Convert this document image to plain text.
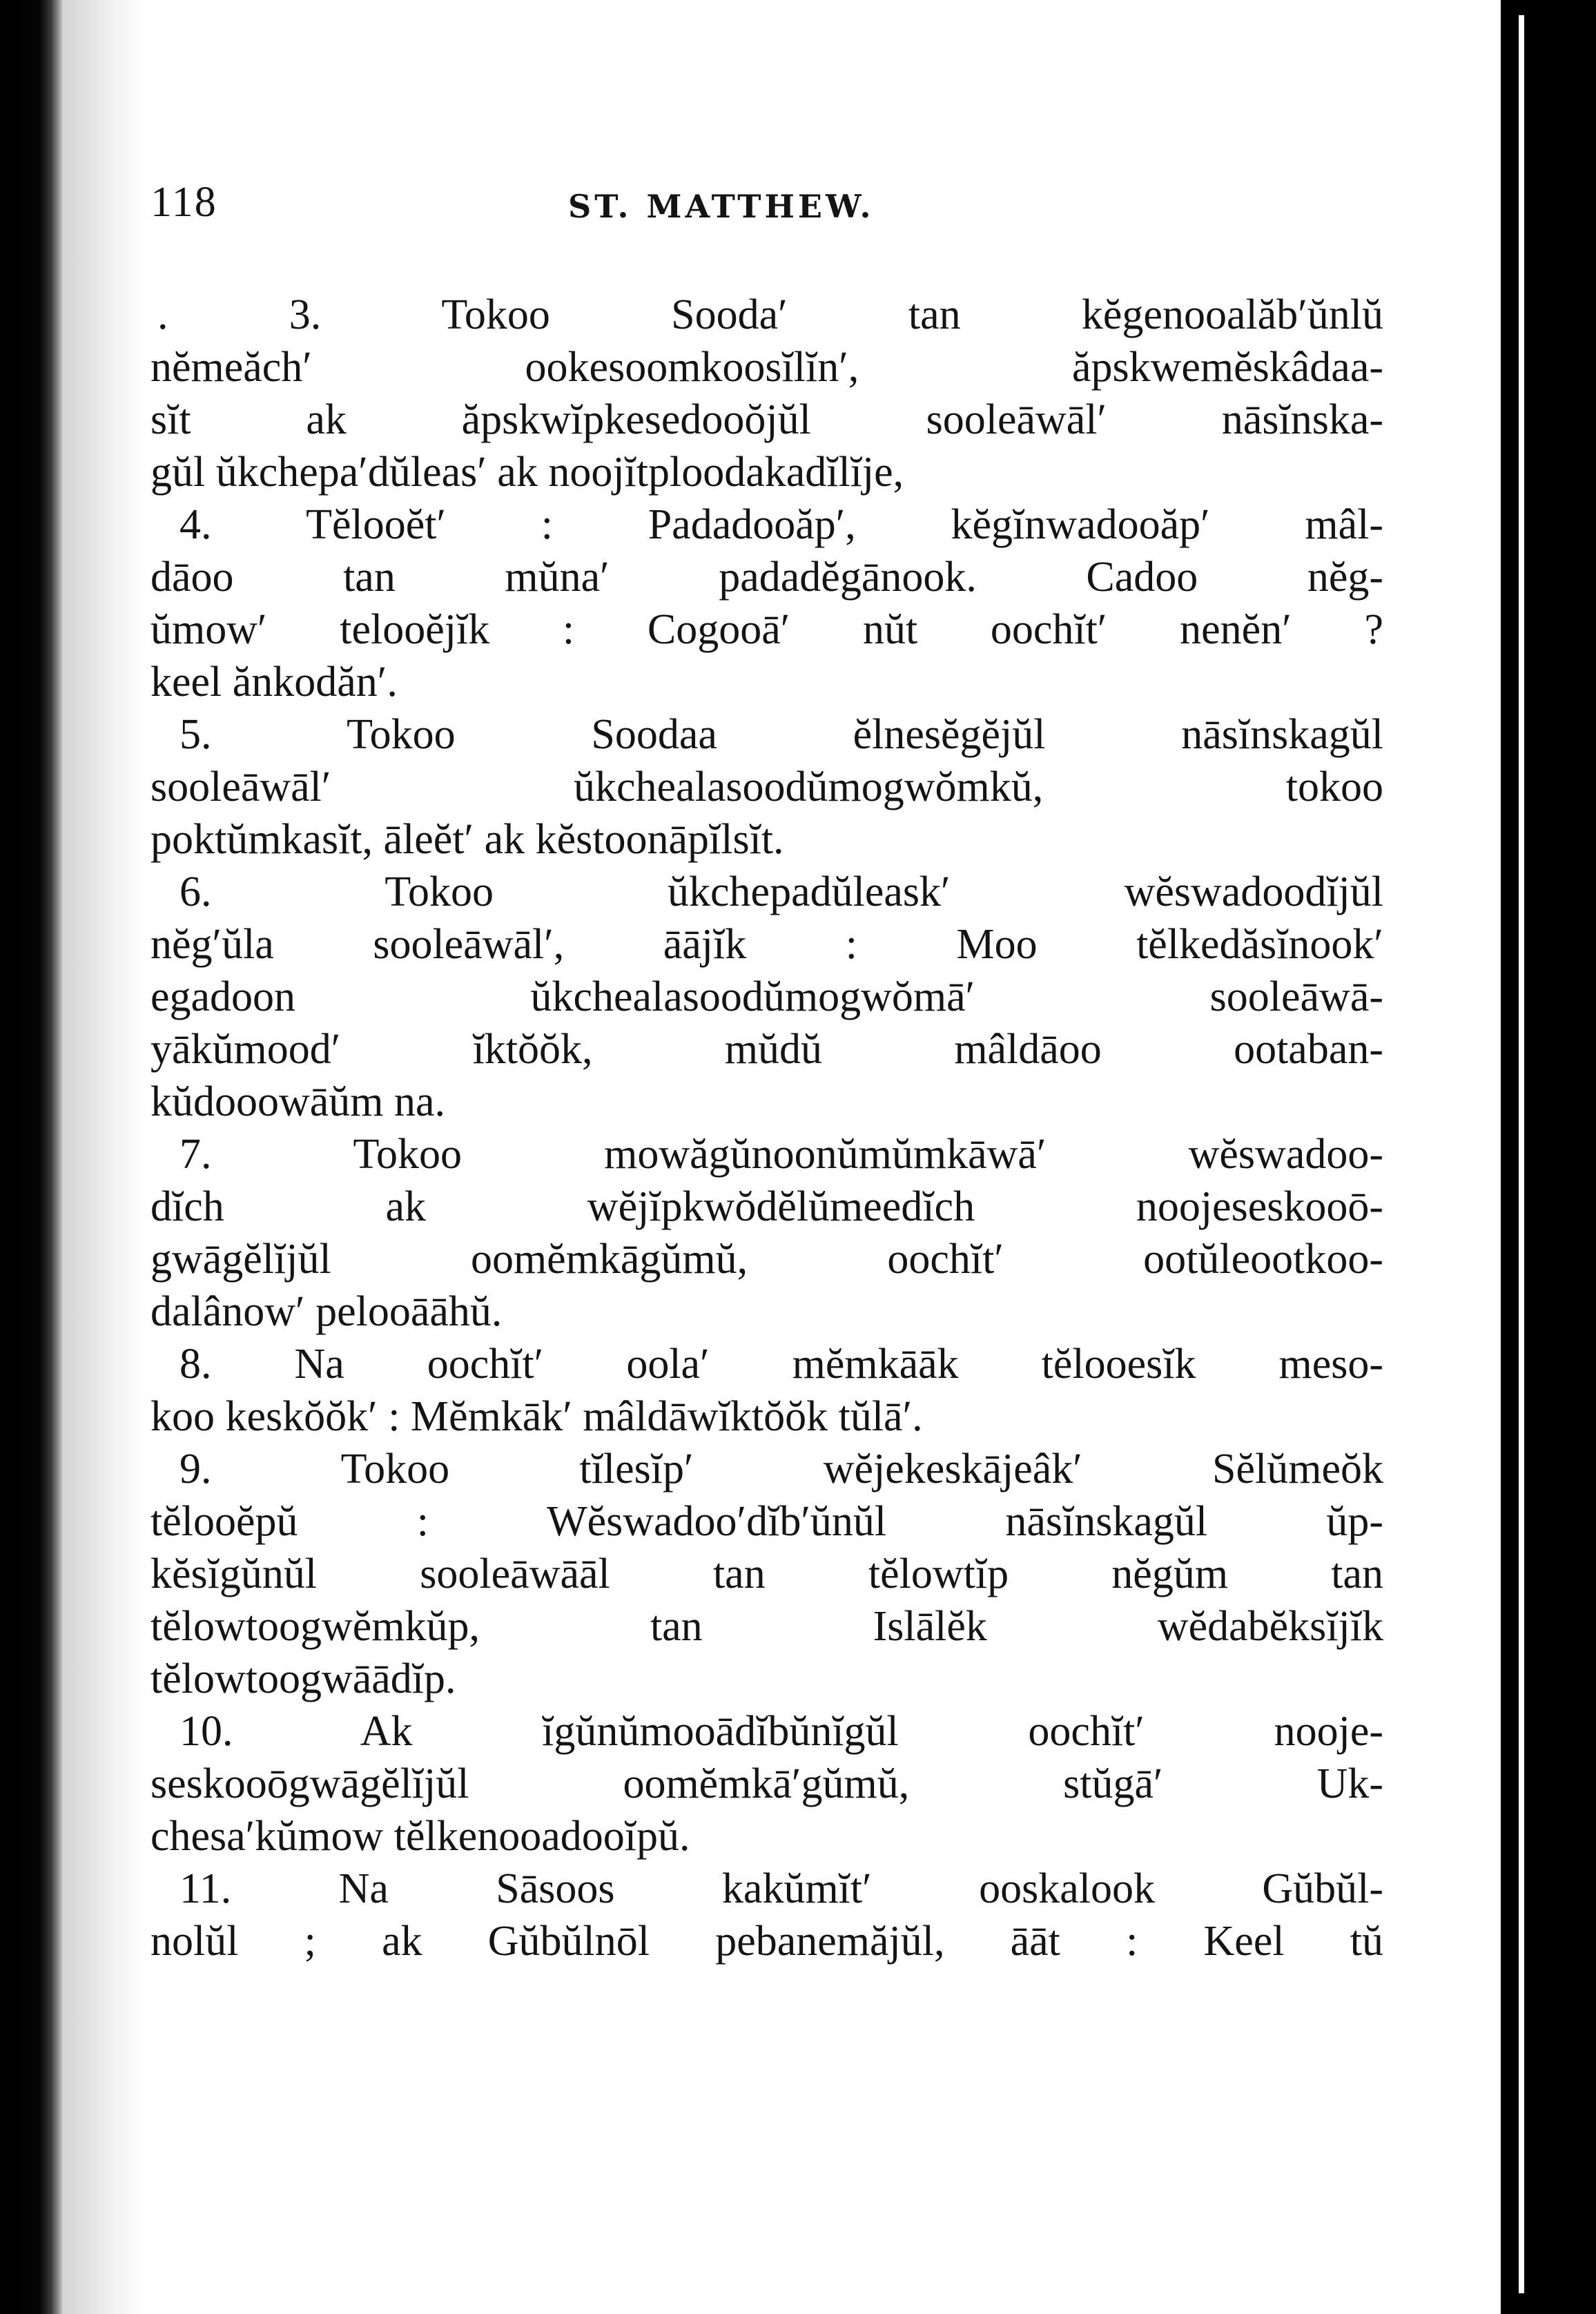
118	ST. MATTHEW.

. 3. Tokoo Sooda′ tan kĕgenooalăb′ŭnlŭ
nĕmeăch′ ookesoomkoosĭlĭn′, ăpskwemĕskâdaa-
sĭt ak ăpskwĭpkesedooŏjŭl sooleāwāl′ nāsĭnska-
gŭl ŭkchepa′dŭleas′ ak noojĭtploodakadĭlĭje,

4. Tĕlooĕt′ : Padadooăp′, kĕgĭnwadooăp′ mâl-
dāoo tan mŭna′ padadĕgānook. Cadoo nĕg-
ŭmow′ telooĕjĭk : Cogooā′ nŭt oochĭt′ nenĕn′ ?
keel ănkodăn′.

5. Tokoo Soodaa ĕlnesĕgĕjŭl nāsĭnskagŭl
sooleāwāl′ ŭkchealasoodŭmogwŏmkŭ, tokoo
poktŭmkasĭt, āleĕt′ ak kĕstoonāpĭlsĭt.

6. Tokoo ŭkchepadŭleask′ wĕswadoodĭjŭl
nĕg′ŭla sooleāwāl′, āājĭk : Moo tĕlkedăsĭnook′
egadoon ŭkchealasoodŭmogwŏmā′ sooleāwā-
yākŭmood′ ĭktŏŏk, mŭdŭ mâldāoo ootaban-
kŭdooowāŭm na.

7. Tokoo mowăgŭnoonŭmŭmkāwā′ wĕswadoo-
dĭch ak wĕjĭpkwŏdĕlŭmeedĭch noojeseskooō-
gwāgĕlĭjŭl oomĕmkāgŭmŭ, oochĭt′ ootŭleootkoo-
dalânow′ pelooāāhŭ.

8. Na oochĭt′ oola′ mĕmkāāk tĕlooesĭk meso-
koo keskŏŏk′ : Mĕmkāk′ mâldāwĭktŏŏk tŭlā′.

9. Tokoo tĭlesĭp′ wĕjekeskājeâk′ Sĕlŭmeŏk
tĕlooĕpŭ : Wĕswadoo′dĭb′ŭnŭl nāsĭnskagŭl ŭp-
kĕsĭgŭnŭl sooleāwāāl tan tĕlowtĭp nĕgŭm tan
tĕlowtoogwĕmkŭp, tan Islālĕk wĕdabĕksĭjĭk
tĕlowtoogwāādĭp.

10. Ak ĭgŭnŭmooādĭbŭnĭgŭl oochĭt′ nooje-
seskooōgwāgĕlĭjŭl oomĕmkā′gŭmŭ, stŭgā′ Uk-
chesa′kŭmow tĕlkenooadooĭpŭ.

11. Na Sāsoos kakŭmĭt′ ooskalook Gŭbŭl-
nolŭl ; ak Gŭbŭlnōl pebanemăjŭl, āāt : Keel tŭ
